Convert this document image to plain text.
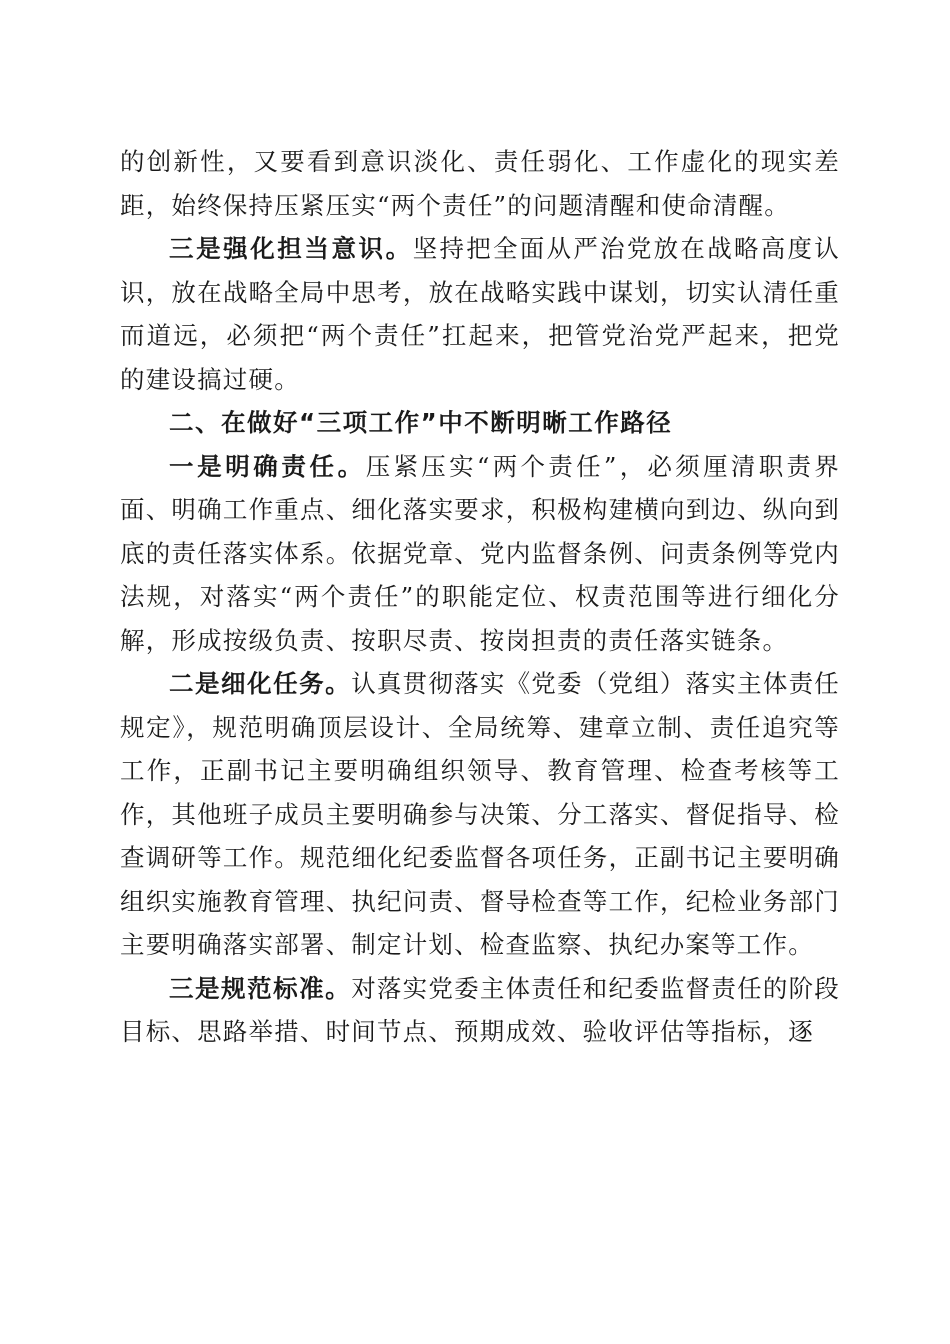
的创新性，又要看到意识淡化、责任弱化、工作虚化的现实差距，始终保持压紧压实“两个责任”的问题清醒和使命清醒。

三是强化担当意识。坚持把全面从严治党放在战略高度认识，放在战略全局中思考，放在战略实践中谋划，切实认清任重而道远，必须把“两个责任”扛起来，把管党治党严起来，把党的建设搞过硬。

二、在做好“三项工作”中不断明晰工作路径

一是明确责任。压紧压实“两个责任”，必须厘清职责界面、明确工作重点、细化落实要求，积极构建横向到边、纵向到底的责任落实体系。依据党章、党内监督条例、问责条例等党内法规，对落实“两个责任”的职能定位、权责范围等进行细化分解，形成按级负责、按职尽责、按岗担责的责任落实链条。

二是细化任务。认真贯彻落实《党委（党组）落实主体责任规定》，规范明确顶层设计、全局统筹、建章立制、责任追究等工作，正副书记主要明确组织领导、教育管理、检查考核等工作，其他班子成员主要明确参与决策、分工落实、督促指导、检查调研等工作。规范细化纪委监督各项任务，正副书记主要明确组织实施教育管理、执纪问责、督导检查等工作，纪检业务部门主要明确落实部署、制定计划、检查监察、执纪办案等工作。

三是规范标准。对落实党委主体责任和纪委监督责任的阶段目标、思路举措、时间节点、预期成效、验收评估等指标，逐
